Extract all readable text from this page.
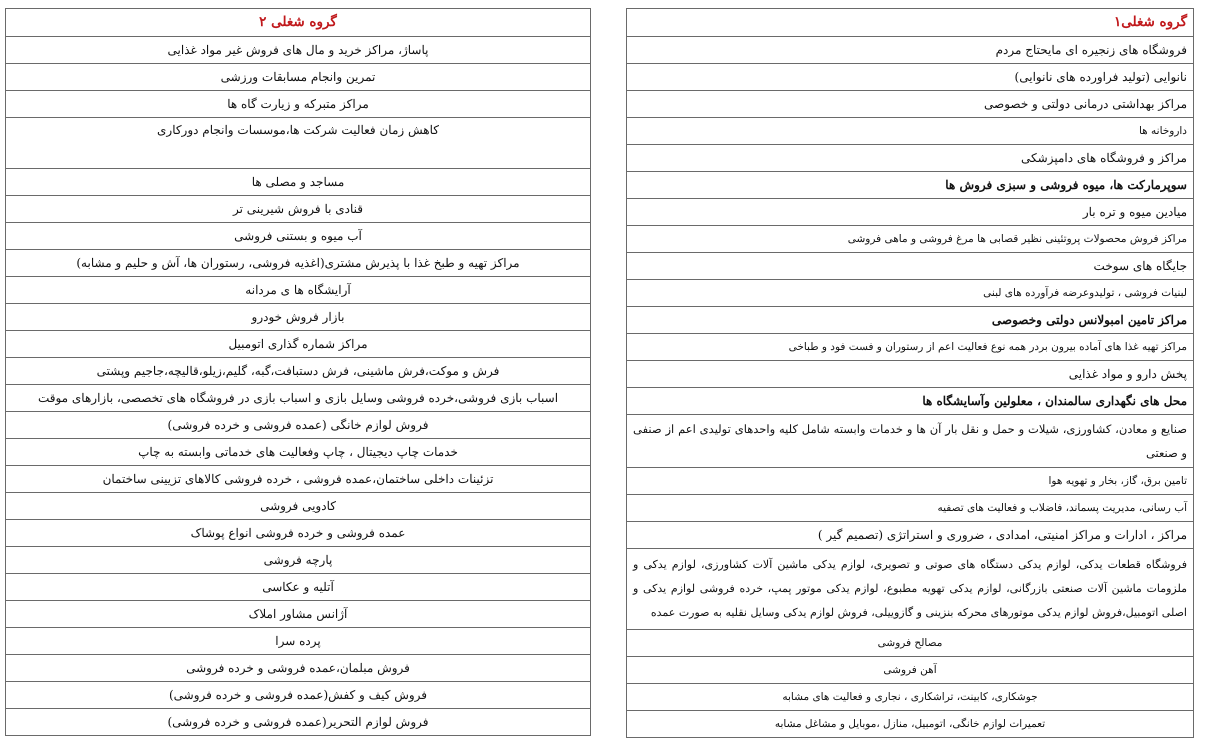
گروه شغلی ۲
پاساژ، مراکز خرید و مال های فروش غیر مواد غذایی
تمرین وانجام مسابقات ورزشی
مراکز متبرکه و زیارت گاه ها
کاهش زمان فعالیت شرکت ها،موسسات وانجام دورکاری
مساجد و مصلی ها
قنادی با فروش شیرینی تر
آب میوه و بستنی فروشی
مراکز تهیه و طبخ غذا با پذیرش مشتری(اغذیه فروشی، رستوران ها، آش و حلیم و مشابه)
آرایشگاه ها ی مردانه
بازار فروش خودرو
مراکز شماره گذاری اتومبیل
فرش و موکت،فرش ماشینی، فرش دستبافت،گبه، گلیم،زیلو،قالیچه،جاجیم وپشتی
اسباب بازی فروشی،خرده فروشی وسایل بازی و اسباب بازی در فروشگاه های تخصصی، بازارهای موقت
فروش لوازم خانگی (عمده فروشی و خرده فروشی)
خدمات چاپ دیجیتال ، چاپ وفعالیت های خدماتی وابسته به چاپ
تزئینات داخلی ساختمان،عمده فروشی ، خرده فروشی کالاهای تزیینی ساختمان
کادویی فروشی
عمده فروشی و خرده فروشی انواع پوشاک
پارچه فروشی
آتلیه و عکاسی
آژانس مشاور املاک
پرده سرا
فروش مبلمان،عمده فروشی و خرده فروشی
فروش کیف و کفش(عمده فروشی و خرده فروشی)
فروش لوازم التحریر(عمده فروشی و خرده فروشی)
گروه شغلی۱
فروشگاه های زنجیره ای مایحتاج مردم
نانوایی (تولید فراورده های نانوایی)
مراکز بهداشتی درمانی دولتی و خصوصی
داروخانه ها
مراکز و فروشگاه های دامپزشکی
سوپرمارکت ها، میوه فروشی و سبزی فروش ها
میادین میوه و تره بار
مراکز فروش محصولات پروتئینی نظیر قصابی ها مرغ فروشی و ماهی فروشی
جایگاه های سوخت
لبنیات فروشی ، تولیدوعرضه فرآورده های لبنی
مراکز تامین امبولانس دولتی وخصوصی
مراکز تهیه غذا های آماده بیرون بردر همه نوع فعالیت اعم از رستوران و فست فود و طباخی
پخش دارو و مواد غذایی
محل های نگهداری سالمندان ، معلولین وآسایشگاه ها
صنایع و معادن، کشاورزی، شیلات و حمل و نقل بار آن ها و خدمات وابسته شامل کلیه واحدهای تولیدی اعم از صنفی و صنعتی
تامین برق، گاز، بخار و تهویه هوا
آب رسانی، مدیریت پسماند، فاضلاب و فعالیت های تصفیه
مراکز ، ادارات و مراکز امنیتی، امدادی ، ضروری و استراتژی (تصمیم گیر )
فروشگاه قطعات یدکی، لوازم یدکی دستگاه های صوتی و تصویری، لوازم یدکی ماشین آلات کشاورزی، لوازم یدکی و ملزومات ماشین آلات صنعتی بازرگانی، لوازم یدکی تهویه مطبوع، لوازم یدکی موتور پمپ، خرده فروشی لوازم یدکی و اصلی اتومبیل،فروش لوازم یدکی موتورهای محرکه بنزینی و گازوییلی، فروش لوازم یدکی وسایل نقلیه به صورت عمده
مصالح فروشی
آهن فروشی
جوشکاری، کابینت، تراشکاری ، نجاری و فعالیت های مشابه
تعمیرات لوازم خانگی، اتومبیل، منازل ،موبایل و مشاغل مشابه
